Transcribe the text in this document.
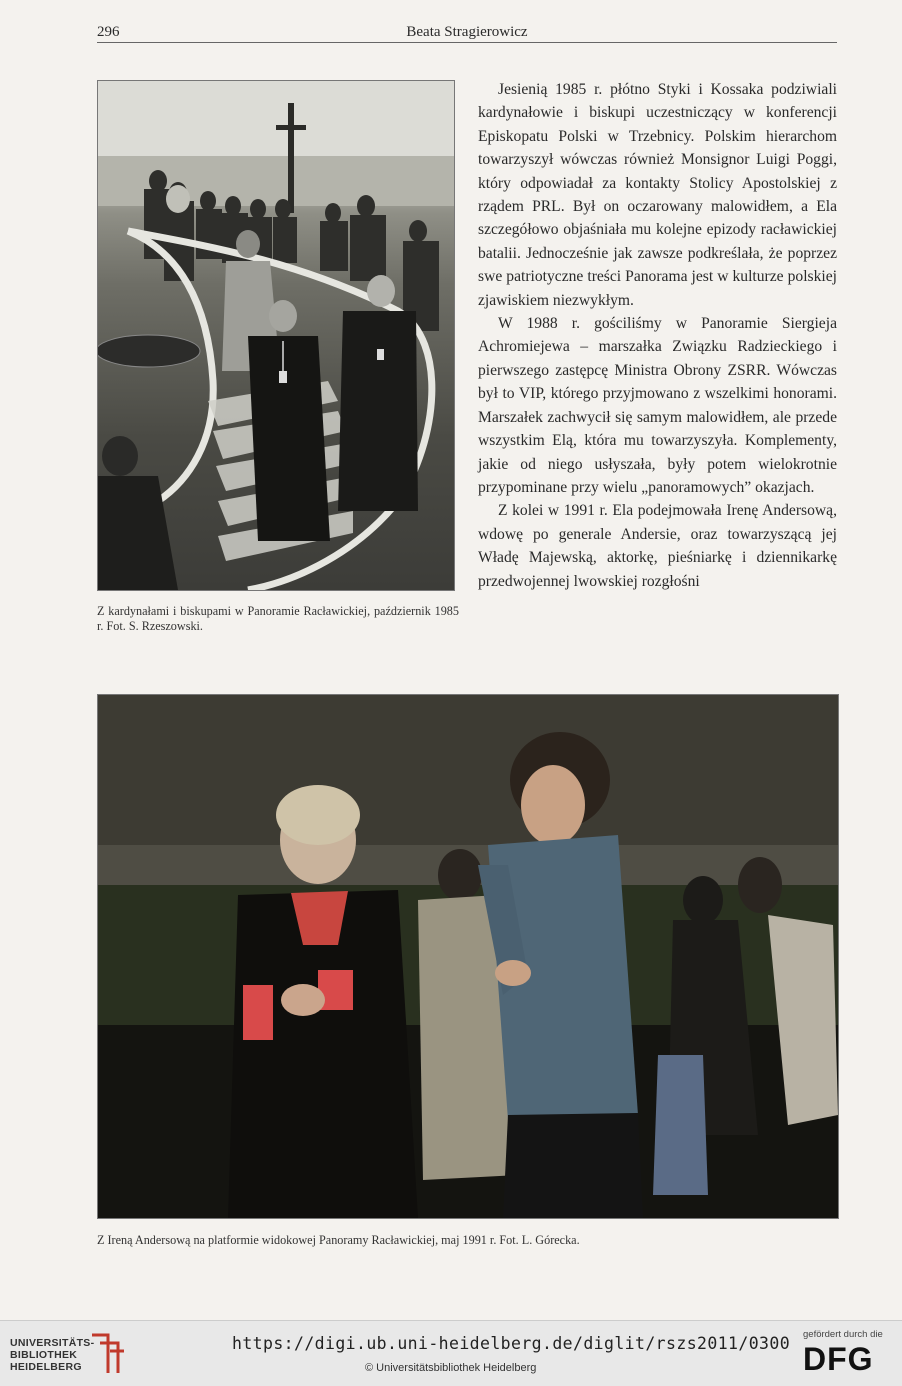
296	Beata Stragierowicz
Z kardynałami i biskupami w Panoramie Racławickiej, październik 1985 r. Fot. S. Rzeszowski.

Jesienią 1985 r. płótno Styki i Kossaka podziwiali kardynałowie i biskupi uczestniczący w konferencji Episkopatu Polski w Trzebnicy. Polskim hierarchom towarzyszył wówczas również Monsignor Luigi Poggi, który odpowiadał za kontakty Stolicy Apostolskiej z rządem PRL. Był on oczarowany malowidłem, a Ela szczegółowo objaśniała mu kolejne epizody racławickiej batalii. Jednocześnie jak zawsze podkreślała, że poprzez swe patriotyczne treści Panorama jest w kulturze polskiej zjawiskiem niezwykłym.

W 1988 r. gościliśmy w Panoramie Siergieja Achromiejewa – marszałka Związku Radzieckiego i pierwszego zastępcę Ministra Obrony ZSRR. Wówczas był to VIP, którego przyjmowano z wszelkimi honorami. Marszałek zachwycił się samym malowidłem, ale przede wszystkim Elą, która mu towarzyszyła. Komplementy, jakie od niego usłyszała, były potem wielokrotnie przypominane przy wielu „panoramowych” okazjach.

Z kolei w 1991 r. Ela podejmowała Irenę Andersową, wdowę po generale Andersie, oraz towarzyszącą jej Władę Majewską, aktorkę, pieśniarkę i dziennikarkę przedwojennej lwowskiej rozgłośni

Z Ireną Andersową na platformie widokowej Panoramy Racławickiej, maj 1991 r. Fot. L. Górecka.
UNIVERSITÄTS-
BIBLIOTHEK
HEIDELBERG
https://digi.ub.uni-heidelberg.de/diglit/rszs2011/0300
© Universitätsbibliothek Heidelberg
gefördert durch die
DFG
